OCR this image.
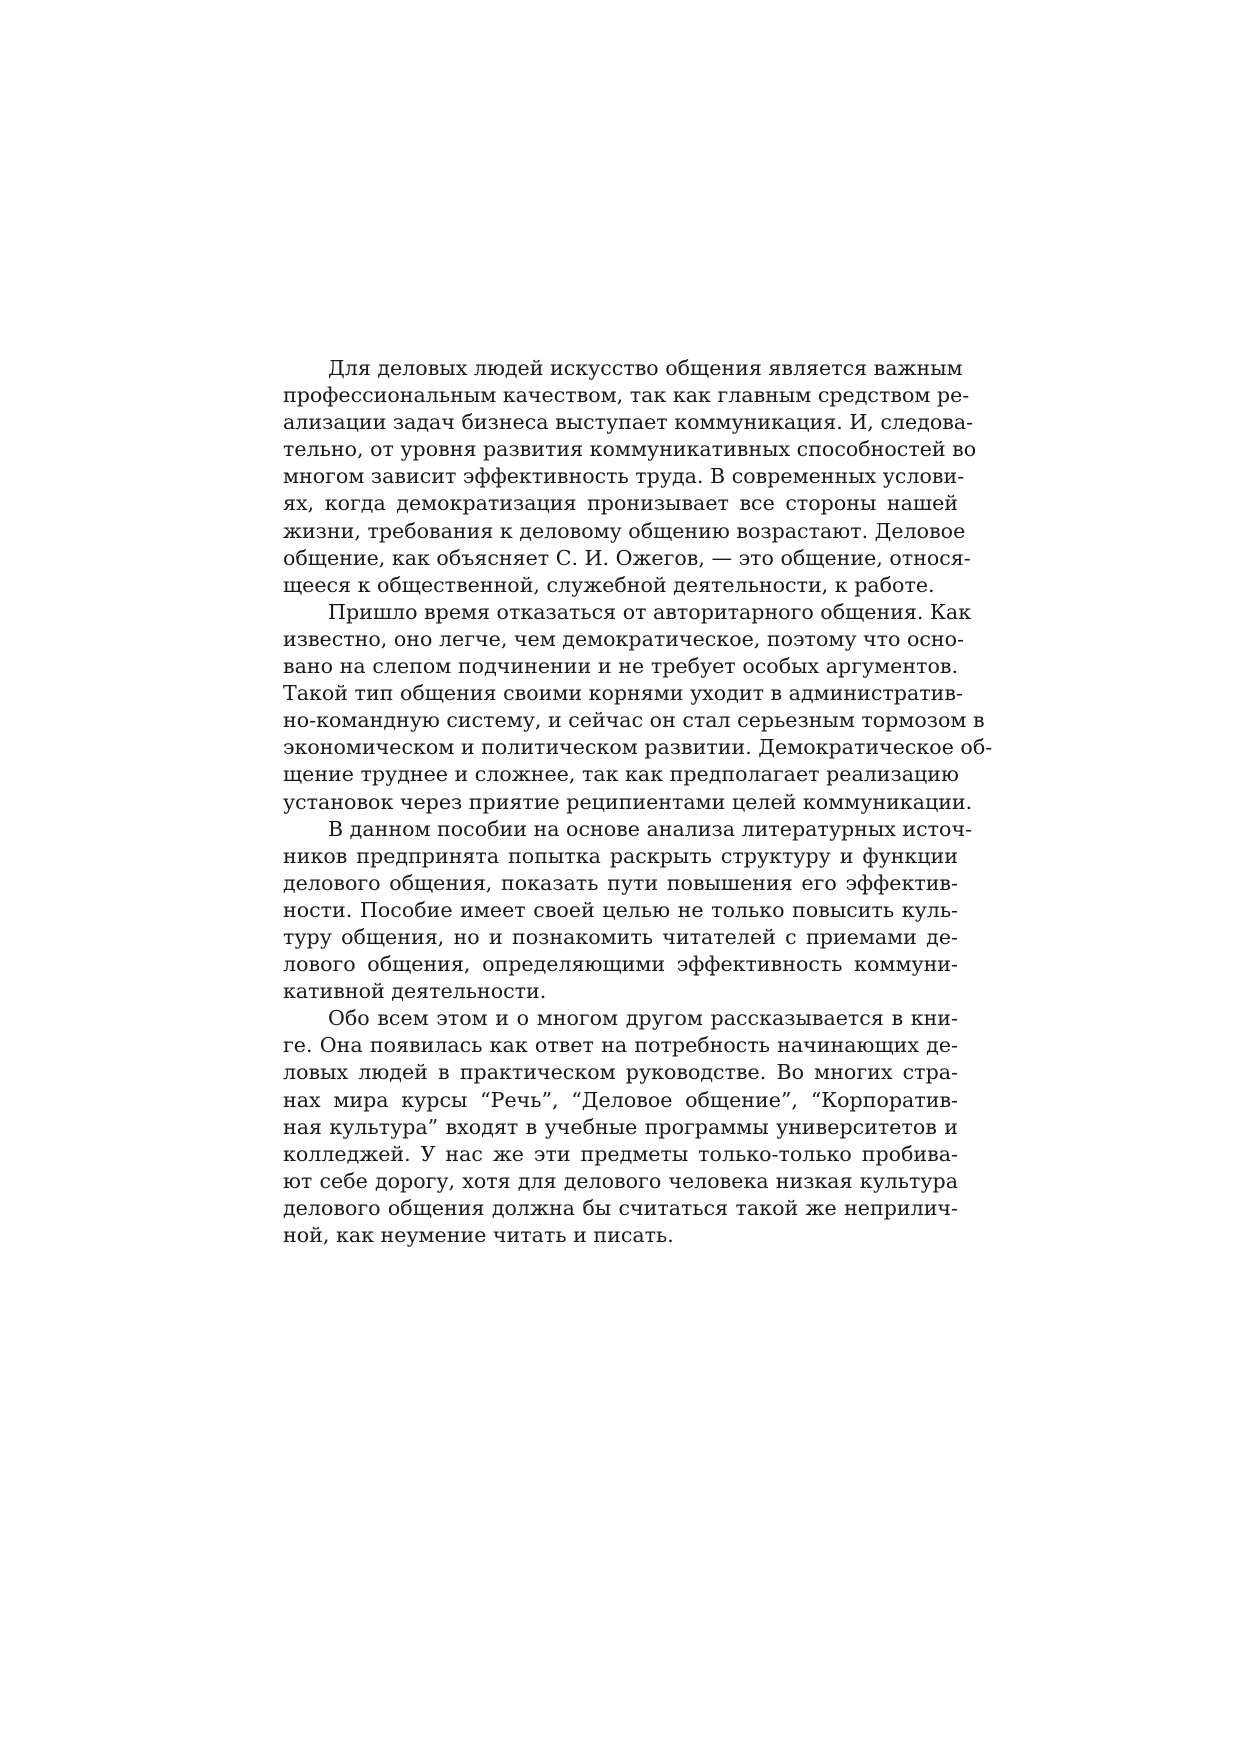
Для деловых людей искусство общения является важным
профессиональным качеством, так как главным средством ре-
ализации задач бизнеса выступает коммуникация. И, следова-
тельно, от уровня развития коммуникативных способностей во
многом зависит эффективность труда. В современных услови-
ях, когда демократизация пронизывает все стороны нашей
жизни, требования к деловому общению возрастают. Деловое
общение, как объясняет С. И. Ожегов, — это общение, относя-
щееся к общественной, служебной деятельности, к работе.

Пришло время отказаться от авторитарного общения. Как
известно, оно легче, чем демократическое, поэтому что осно-
вано на слепом подчинении и не требует особых аргументов.
Такой тип общения своими корнями уходит в административ-
но-командную систему, и сейчас он стал серьезным тормозом в
экономическом и политическом развитии. Демократическое об-
щение труднее и сложнее, так как предполагает реализацию
установок через приятие реципиентами целей коммуникации.

В данном пособии на основе анализа литературных источ-
ников предпринята попытка раскрыть структуру и функции
делового общения, показать пути повышения его эффектив-
ности. Пособие имеет своей целью не только повысить куль-
туру общения, но и познакомить читателей с приемами де-
лового общения, определяющими эффективность коммуни-
кативной деятельности.

Обо всем этом и о многом другом рассказывается в кни-
ге. Она появилась как ответ на потребность начинающих де-
ловых людей в практическом руководстве. Во многих стра-
нах мира курсы “Речь”, “Деловое общение”, “Корпоратив-
ная культура” входят в учебные программы университетов и
колледжей. У нас же эти предметы только-только пробива-
ют себе дорогу, хотя для делового человека низкая культура
делового общения должна бы считаться такой же неприлич-
ной, как неумение читать и писать.
